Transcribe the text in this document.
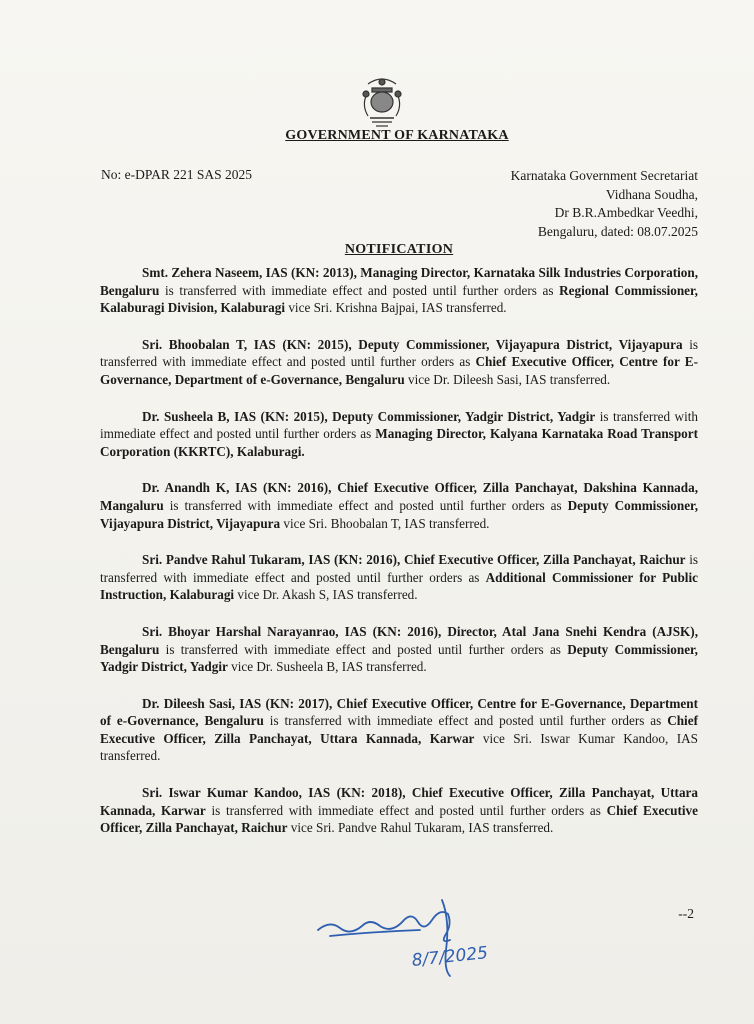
GOVERNMENT OF KARNATAKA
No: e-DPAR 221 SAS 2025	Karnataka Government Secretariat
Vidhana Soudha,
Dr B.R.Ambedkar Veedhi,
Bengaluru, dated: 08.07.2025
NOTIFICATION

Smt. Zehera Naseem, IAS (KN: 2013), Managing Director, Karnataka Silk Industries Corporation, Bengaluru is transferred with immediate effect and posted until further orders as Regional Commissioner, Kalaburagi Division, Kalaburagi vice Sri. Krishna Bajpai, IAS transferred.

Sri. Bhoobalan T, IAS (KN: 2015), Deputy Commissioner, Vijayapura District, Vijayapura is transferred with immediate effect and posted until further orders as Chief Executive Officer, Centre for E-Governance, Department of e-Governance, Bengaluru vice Dr. Dileesh Sasi, IAS transferred.

Dr. Susheela B, IAS (KN: 2015), Deputy Commissioner, Yadgir District, Yadgir is transferred with immediate effect and posted until further orders as Managing Director, Kalyana Karnataka Road Transport Corporation (KKRTC), Kalaburagi.

Dr. Anandh K, IAS (KN: 2016), Chief Executive Officer, Zilla Panchayat, Dakshina Kannada, Mangaluru is transferred with immediate effect and posted until further orders as Deputy Commissioner, Vijayapura District, Vijayapura vice Sri. Bhoobalan T, IAS transferred.

Sri. Pandve Rahul Tukaram, IAS (KN: 2016), Chief Executive Officer, Zilla Panchayat, Raichur is transferred with immediate effect and posted until further orders as Additional Commissioner for Public Instruction, Kalaburagi vice Dr. Akash S, IAS transferred.

Sri. Bhoyar Harshal Narayanrao, IAS (KN: 2016), Director, Atal Jana Snehi Kendra (AJSK), Bengaluru is transferred with immediate effect and posted until further orders as Deputy Commissioner, Yadgir District, Yadgir vice Dr. Susheela B, IAS transferred.

Dr. Dileesh Sasi, IAS (KN: 2017), Chief Executive Officer, Centre for E-Governance, Department of e-Governance, Bengaluru is transferred with immediate effect and posted until further orders as Chief Executive Officer, Zilla Panchayat, Uttara Kannada, Karwar vice Sri. Iswar Kumar Kandoo, IAS transferred.

Sri. Iswar Kumar Kandoo, IAS (KN: 2018), Chief Executive Officer, Zilla Panchayat, Uttara Kannada, Karwar is transferred with immediate effect and posted until further orders as Chief Executive Officer, Zilla Panchayat, Raichur vice Sri. Pandve Rahul Tukaram, IAS transferred.

--2
8/7/2025
